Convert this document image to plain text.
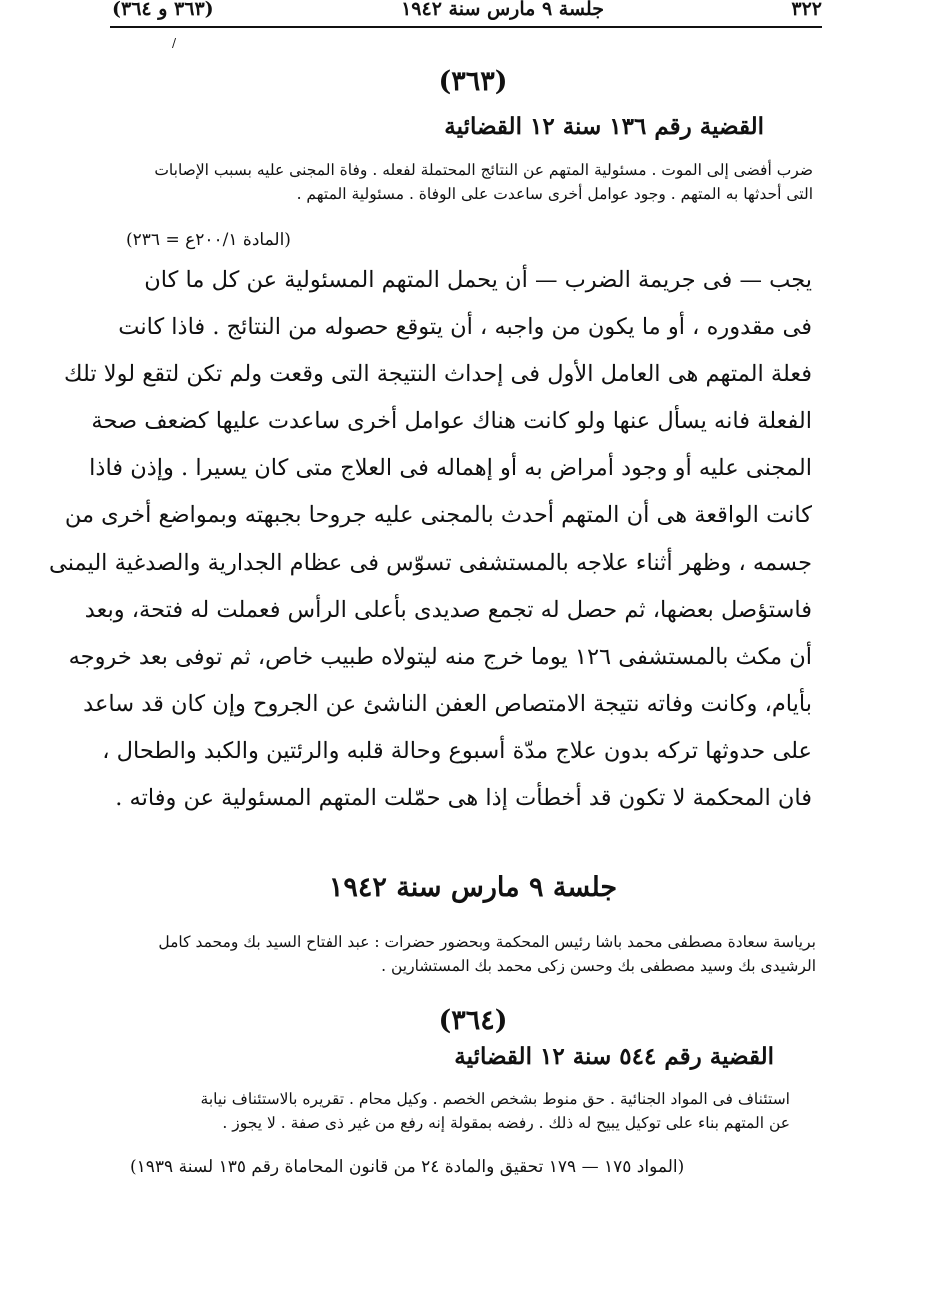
٣٢٢
جلسة ٩ مارس سنة ١٩٤٢
(٣٦٣ و ٣٦٤)
/
(٣٦٣)
القضية رقم ١٣٦ سنة ١٢ القضائية
ضرب أفضى إلى الموت . مسئولية المتهم عن النتائج المحتملة لفعله . وفاة المجنى عليه بسبب الإصابات
التى أحدثها به المتهم . وجود عوامل أخرى ساعدت على الوفاة . مسئولية المتهم .
(المادة ٢٠٠/١ع = ٢٣٦)
يجب — فى جريمة الضرب — أن يحمل المتهم المسئولية عن كل ما كان
فى مقدوره ، أو ما يكون من واجبه ، أن يتوقع حصوله من النتائج . فاذا كانت
فعلة المتهم هى العامل الأول فى إحداث النتيجة التى وقعت ولم تكن لتقع لولا تلك
الفعلة فانه يسأل عنها ولو كانت هناك عوامل أخرى ساعدت عليها كضعف صحة
المجنى عليه أو وجود أمراض به أو إهماله فى العلاج متى كان يسيرا . وإذن فاذا
كانت الواقعة هى أن المتهم أحدث بالمجنى عليه جروحا بجبهته وبمواضع أخرى من
جسمه ، وظهر أثناء علاجه بالمستشفى تسوّس فى عظام الجدارية والصدغية اليمنى
فاستؤصل بعضها، ثم حصل له تجمع صديدى بأعلى الرأس فعملت له فتحة، وبعد
أن مكث بالمستشفى ١٢٦ يوما خرج منه ليتولاه طبيب خاص، ثم توفى بعد خروجه
بأيام، وكانت وفاته نتيجة الامتصاص العفن الناشئ عن الجروح وإن كان قد ساعد
على حدوثها تركه بدون علاج مدّة أسبوع وحالة قلبه والرئتين والكبد والطحال ،
فان المحكمة لا تكون قد أخطأت إذا هى حمّلت المتهم المسئولية عن وفاته .
جلسة ٩ مارس سنة ١٩٤٢
برياسة سعادة مصطفى محمد باشا رئيس المحكمة وبحضور حضرات : عبد الفتاح السيد بك ومحمد كامل
الرشيدى بك وسيد مصطفى بك وحسن زكى محمد بك المستشارين .
(٣٦٤)
القضية رقم ٥٤٤ سنة ١٢ القضائية
استئناف فى المواد الجنائية . حق منوط بشخص الخصم . وكيل محام . تقريره بالاستئناف نيابة
عن المتهم بناء على توكيل يبيح له ذلك . رفضه بمقولة إنه رفع من غير ذى صفة . لا يجوز .
(المواد ١٧٥ — ١٧٩ تحقيق والمادة ٢٤ من قانون المحاماة رقم ١٣٥ لسنة ١٩٣٩)
